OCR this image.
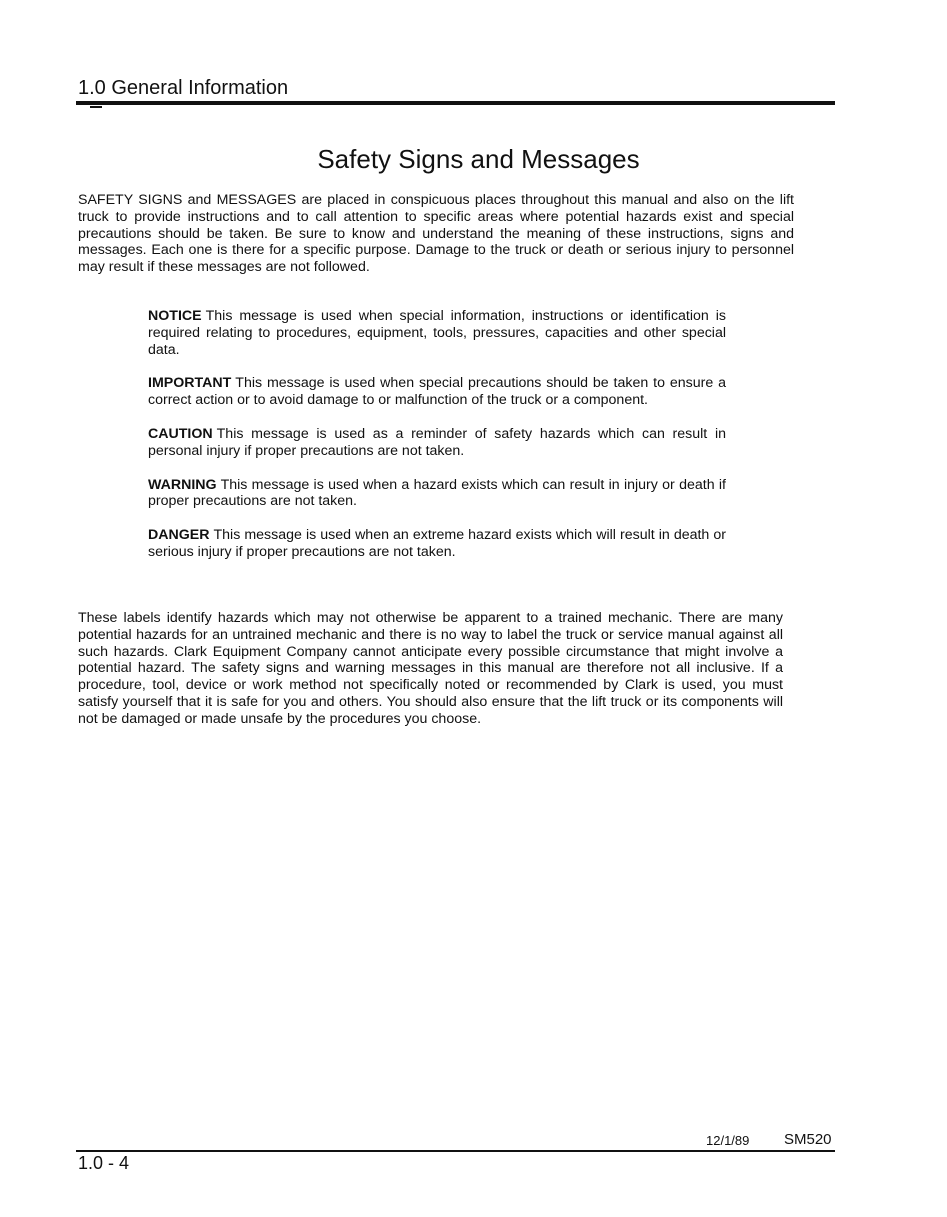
1.0 General Information
Safety Signs and Messages
SAFETY SIGNS and MESSAGES are placed in conspicuous places throughout this manual and also on the lift truck to provide instructions and to call attention to specific areas where potential hazards exist and special precautions should be taken. Be sure to know and understand the meaning of these instructions, signs and messages. Each one is there for a specific purpose. Damage to the truck or death or serious injury to personnel may result if these messages are not followed.

NOTICE This message is used when special information, instructions or identification is required relating to procedures, equipment, tools, pressures, capacities and other special data.

IMPORTANT This message is used when special precautions should be taken to ensure a correct action or to avoid damage to or malfunction of the truck or a component.

CAUTION This message is used as a reminder of safety hazards which can result in personal injury if proper precautions are not taken.

WARNING This message is used when a hazard exists which can result in injury or death if proper precautions are not taken.

DANGER This message is used when an extreme hazard exists which will result in death or serious injury if proper precautions are not taken.

These labels identify hazards which may not otherwise be apparent to a trained mechanic. There are many potential hazards for an untrained mechanic and there is no way to label the truck or service manual against all such hazards. Clark Equipment Company cannot anticipate every possible circumstance that might involve a potential hazard. The safety signs and warning messages in this manual are therefore not all inclusive. If a procedure, tool, device or work method not specifically noted or recommended by Clark is used, you must satisfy yourself that it is safe for you and others. You should also ensure that the lift truck or its components will not be damaged or made unsafe by the procedures you choose.
12/1/89 SM520
1.0 - 4
